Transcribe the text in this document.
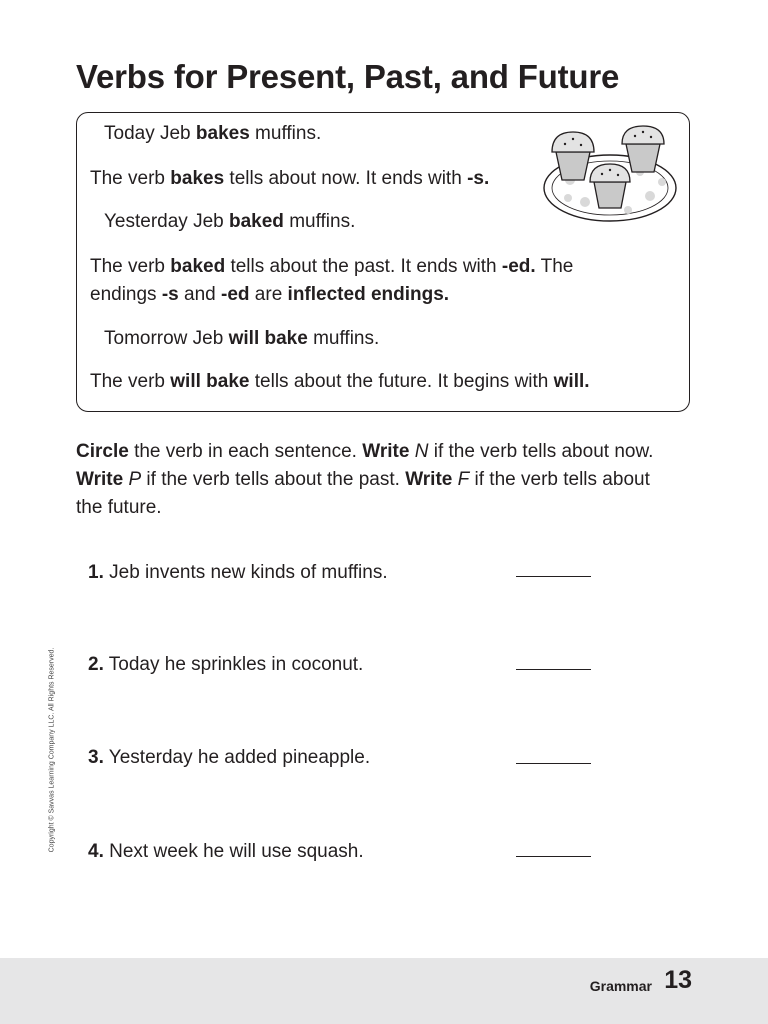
Verbs for Present, Past, and Future
Today Jeb bakes muffins.
The verb bakes tells about now. It ends with -s.
Yesterday Jeb baked muffins.
The verb baked tells about the past. It ends with -ed. The
endings -s and -ed are inflected endings.
Tomorrow Jeb will bake muffins.
The verb will bake tells about the future. It begins with will.
Circle the verb in each sentence. Write N if the verb tells about now. Write P if the verb tells about the past. Write F if the verb tells about the future.
1. Jeb invents new kinds of muffins.
2. Today he sprinkles in coconut.
3. Yesterday he added pineapple.
4. Next week he will use squash.
Copyright © Savvas Learning Company LLC. All Rights Reserved.
Grammar 13
